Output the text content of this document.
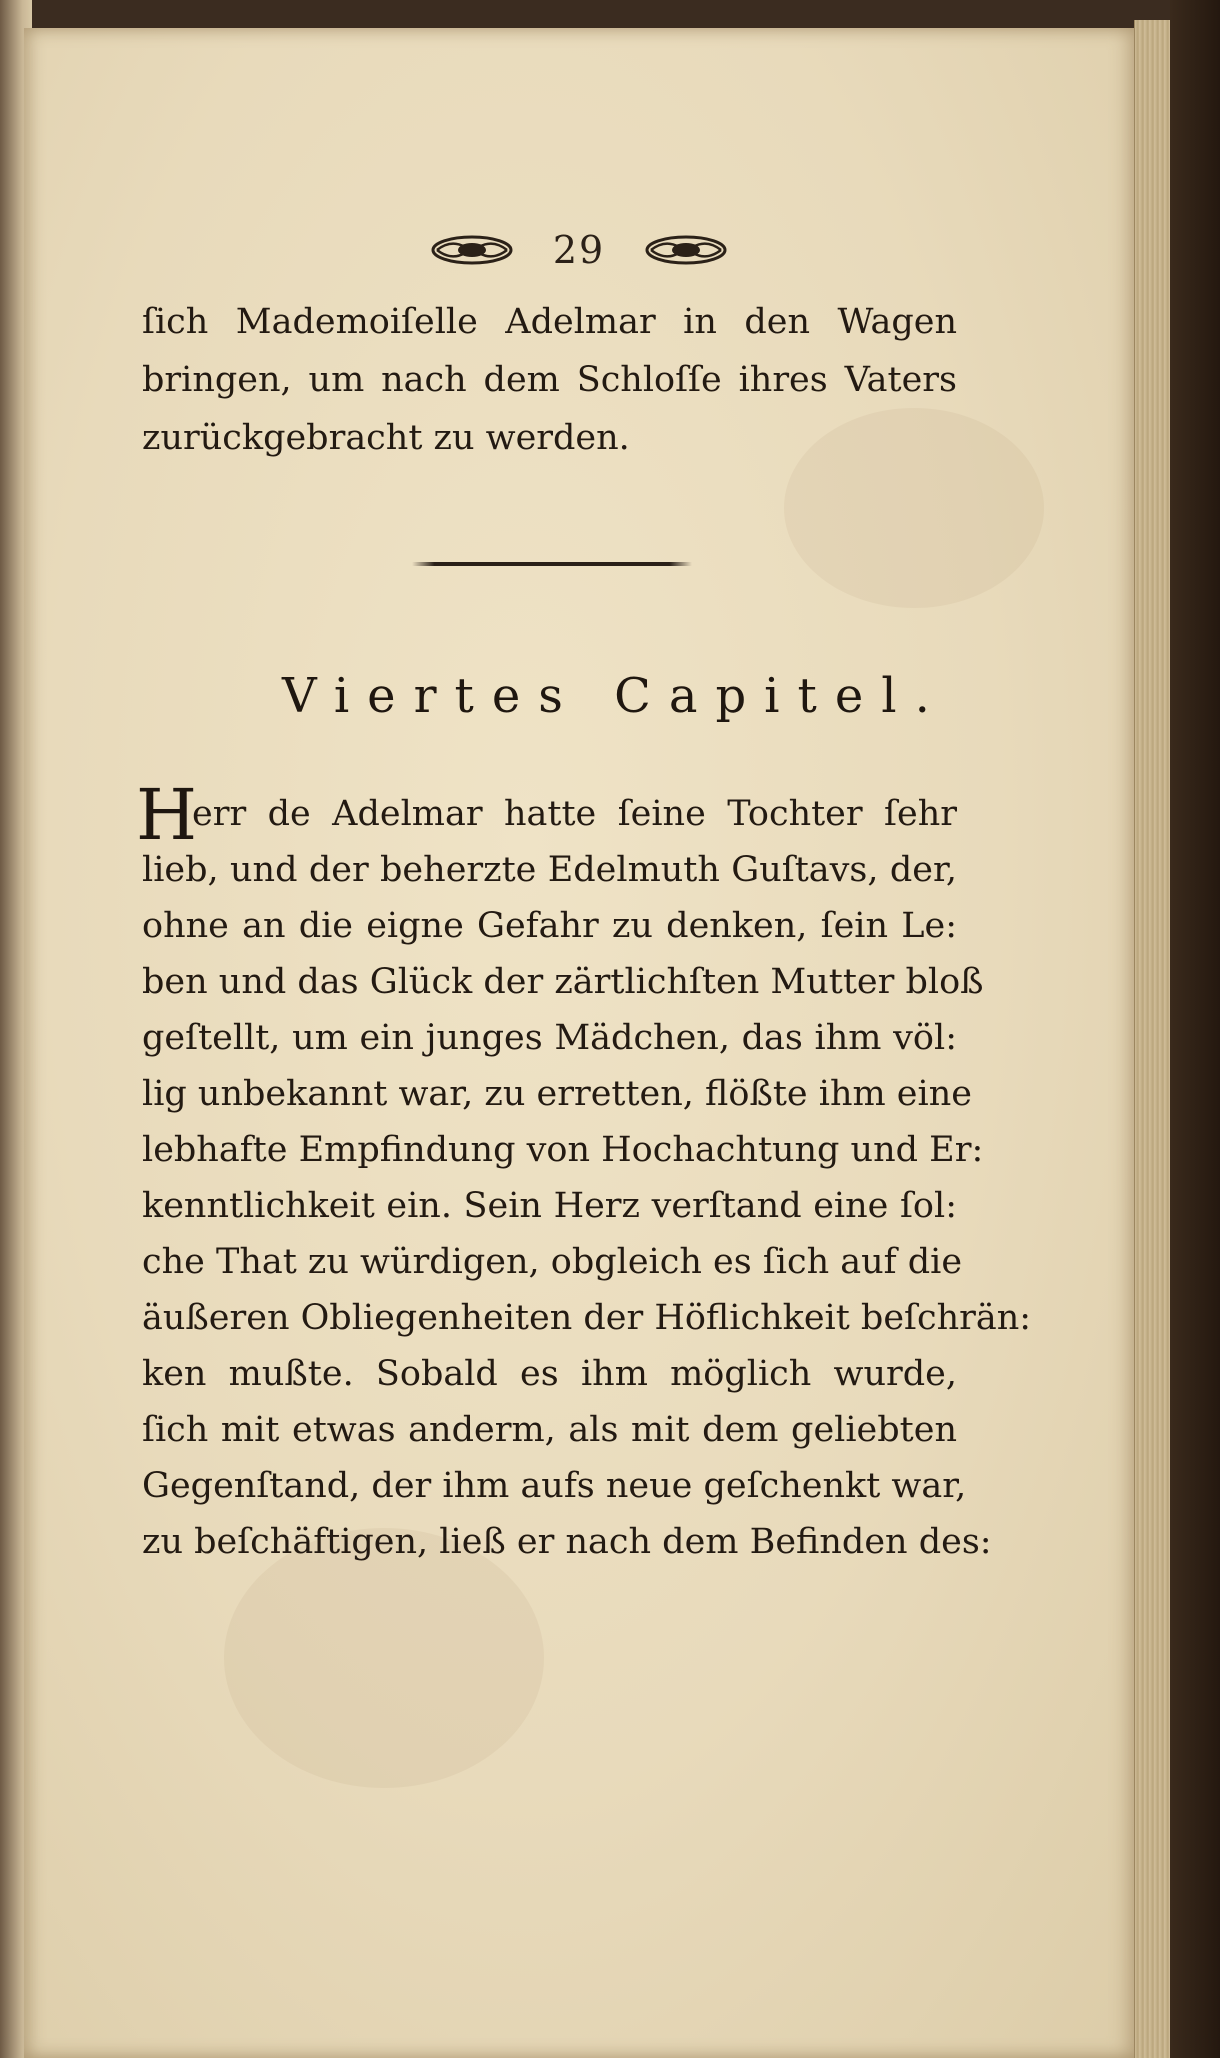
29
ſich Mademoiſelle Adelmar in den Wagen
bringen, um nach dem Schloſſe ihres Vaters
zurückgebracht zu werden.
Viertes Capitel.
H
err de Adelmar hatte ſeine Tochter ſehr
lieb, und der beherzte Edelmuth Guſtavs, der,
ohne an die eigne Gefahr zu denken, ſein Le:
ben und das Glück der zärtlichſten Mutter bloß
geſtellt, um ein junges Mädchen, das ihm völ:
lig unbekannt war, zu erretten, flößte ihm eine
lebhafte Empfindung von Hochachtung und Er:
kenntlichkeit ein. Sein Herz verſtand eine ſol:
che That zu würdigen, obgleich es ſich auf die
äußeren Obliegenheiten der Höflichkeit beſchrän:
ken mußte. Sobald es ihm möglich wurde,
ſich mit etwas anderm, als mit dem geliebten
Gegenſtand, der ihm aufs neue geſchenkt war,
zu beſchäftigen, ließ er nach dem Befinden des:
